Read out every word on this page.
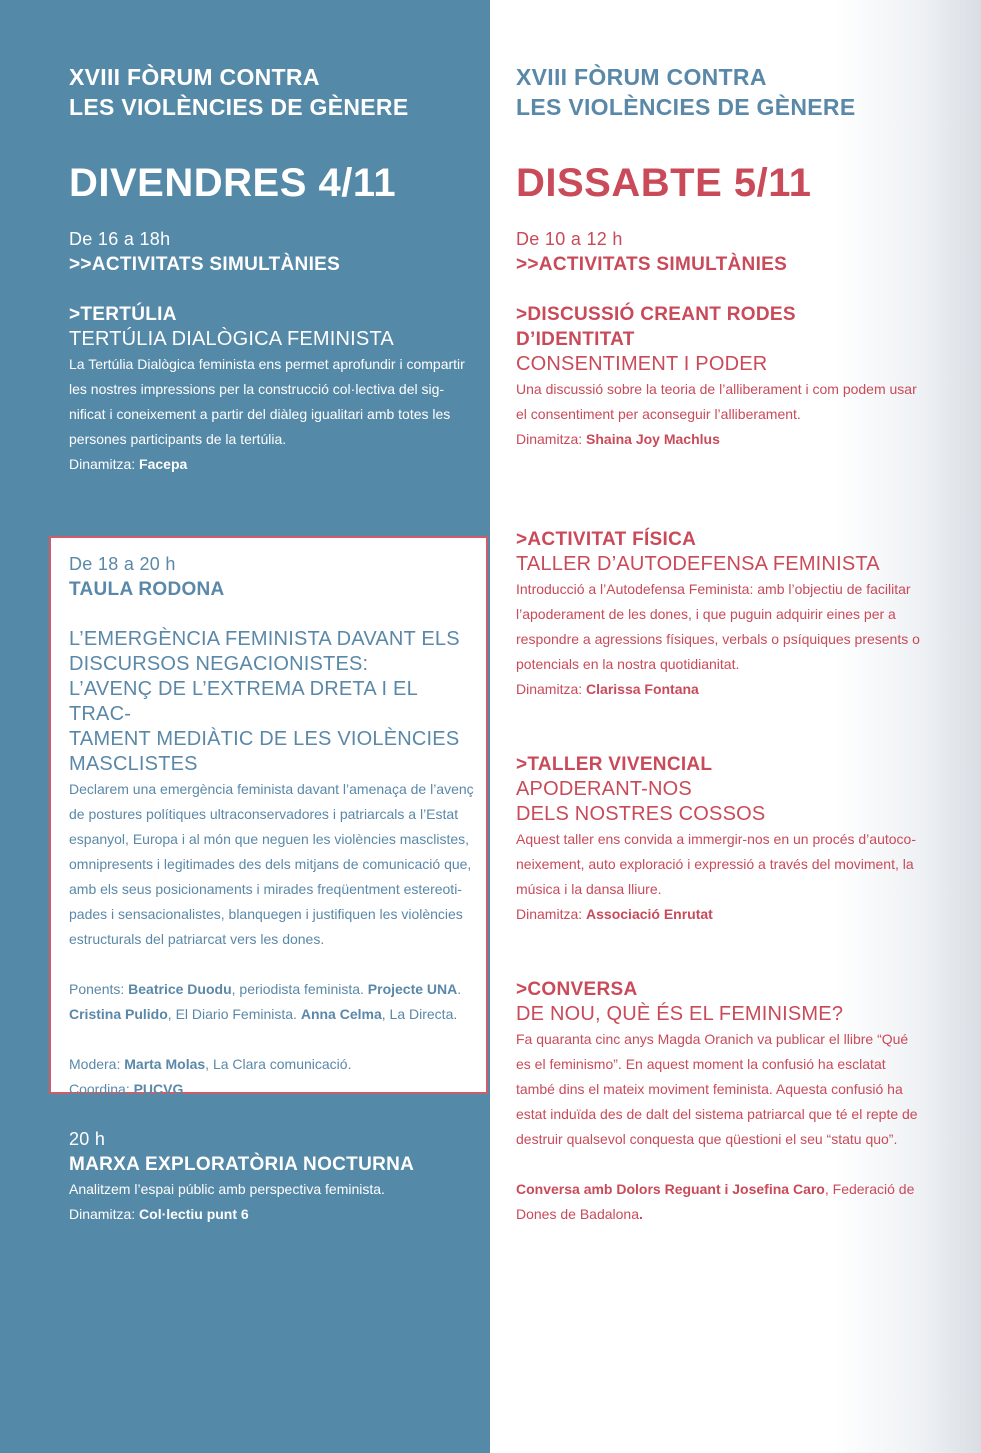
XVIII FÒRUM CONTRA
LES VIOLÈNCIES DE GÈNERE
DIVENDRES 4/11
De 16 a 18h
>>ACTIVITATS SIMULTÀNIES
>TERTÚLIA
TERTÚLIA DIALÒGICA FEMINISTA
La Tertúlia Dialògica feminista ens permet aprofundir i compartir
les nostres impressions per la construcció col·lectiva del sig-
nificat i coneixement a partir del diàleg igualitari amb totes les
persones participants de la tertúlia.
Dinamitza: Facepa
De 18 a 20 h
TAULA RODONA
L’EMERGÈNCIA FEMINISTA DAVANT ELS
DISCURSOS NEGACIONISTES:
L’AVENÇ DE L’EXTREMA DRETA I EL TRAC-
TAMENT MEDIÀTIC DE LES VIOLÈNCIES
MASCLISTES
Declarem una emergència feminista davant l’amenaça de l’avenç
de postures polítiques ultraconservadores i patriarcals a l’Estat
espanyol, Europa i al món que neguen les violències masclistes,
omnipresents i legitimades des dels mitjans de comunicació que,
amb els seus posicionaments i mirades freqüentment estereoti-
pades i sensacionalistes, blanquegen i justifiquen les violències
estructurals del patriarcat vers les dones.
Ponents: Beatrice Duodu, periodista feminista. Projecte UNA.
Cristina Pulido, El Diario Feminista. Anna Celma, La Directa.
Modera: Marta Molas, La Clara comunicació.
Coordina: PUCVG
20 h
MARXA EXPLORATÒRIA NOCTURNA
Analitzem l’espai públic amb perspectiva feminista.
Dinamitza: Col·lectiu punt 6
XVIII FÒRUM CONTRA
LES VIOLÈNCIES DE GÈNERE
DISSABTE 5/11
De 10 a 12 h
>>ACTIVITATS SIMULTÀNIES
>DISCUSSIÓ CREANT RODES
D’IDENTITAT
CONSENTIMENT I PODER
Una discussió sobre la teoria de l’alliberament i com podem usar
el consentiment per aconseguir l’alliberament.
Dinamitza: Shaina Joy Machlus
>ACTIVITAT FÍSICA
TALLER D’AUTODEFENSA FEMINISTA
Introducció a l’Autodefensa Feminista: amb l’objectiu de facilitar
l’apoderament de les dones, i que puguin adquirir eines per a
respondre a agressions físiques, verbals o psíquiques presents o
potencials en la nostra quotidianitat.
Dinamitza: Clarissa Fontana
>TALLER VIVENCIAL
APODERANT-NOS
DELS NOSTRES COSSOS
Aquest taller ens convida a immergir-nos en un procés d’autoco-
neixement, auto exploració i expressió a través del moviment, la
música i la dansa lliure.
Dinamitza: Associació Enrutat
>CONVERSA
DE NOU, QUÈ ÉS EL FEMINISME?
Fa quaranta cinc anys Magda Oranich va publicar el llibre “Qué
es el feminismo”. En aquest moment la confusió ha esclatat
també dins el mateix moviment feminista. Aquesta confusió ha
estat induïda des de dalt del sistema patriarcal que té el repte de
destruir qualsevol conquesta que qüestioni el seu “statu quo”.
Conversa amb Dolors Reguant i Josefina Caro, Federació de
Dones de Badalona.
